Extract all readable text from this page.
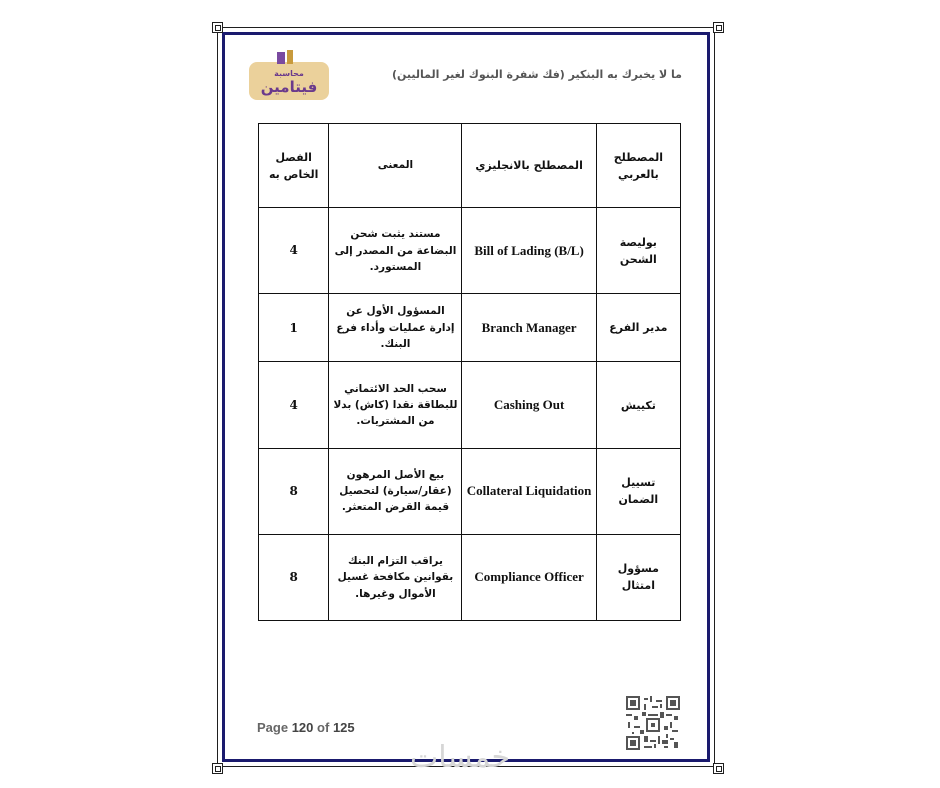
محاسبة
فيتامين
ما لا يخبرك به البنكير (فك شفرة البنوك لغير الماليين)
الفصل الخاص به	المعنى	المصطلح بالانجليزي	المصطلح بالعربي
4	مستند يثبت شحن البضاعة من المصدر إلى المستورد.	Bill of Lading (B/L)	بوليصة الشحن
1	المسؤول الأول عن إدارة عمليات وأداء فرع البنك.	Branch Manager	مدير الفرع
4	سحب الحد الائتماني للبطاقة نقدا (كاش) بدلا من المشتريات.	Cashing Out	تكييش
8	بيع الأصل المرهون (عقار/سيارة) لتحصيل قيمة القرض المتعثر.	Collateral Liquidation	تسييل الضمان
8	يراقب التزام البنك بقوانين مكافحة غسيل الأموال وغيرها.	Compliance Officer	مسؤول امتثال
Page 120 of 125
خمسات
